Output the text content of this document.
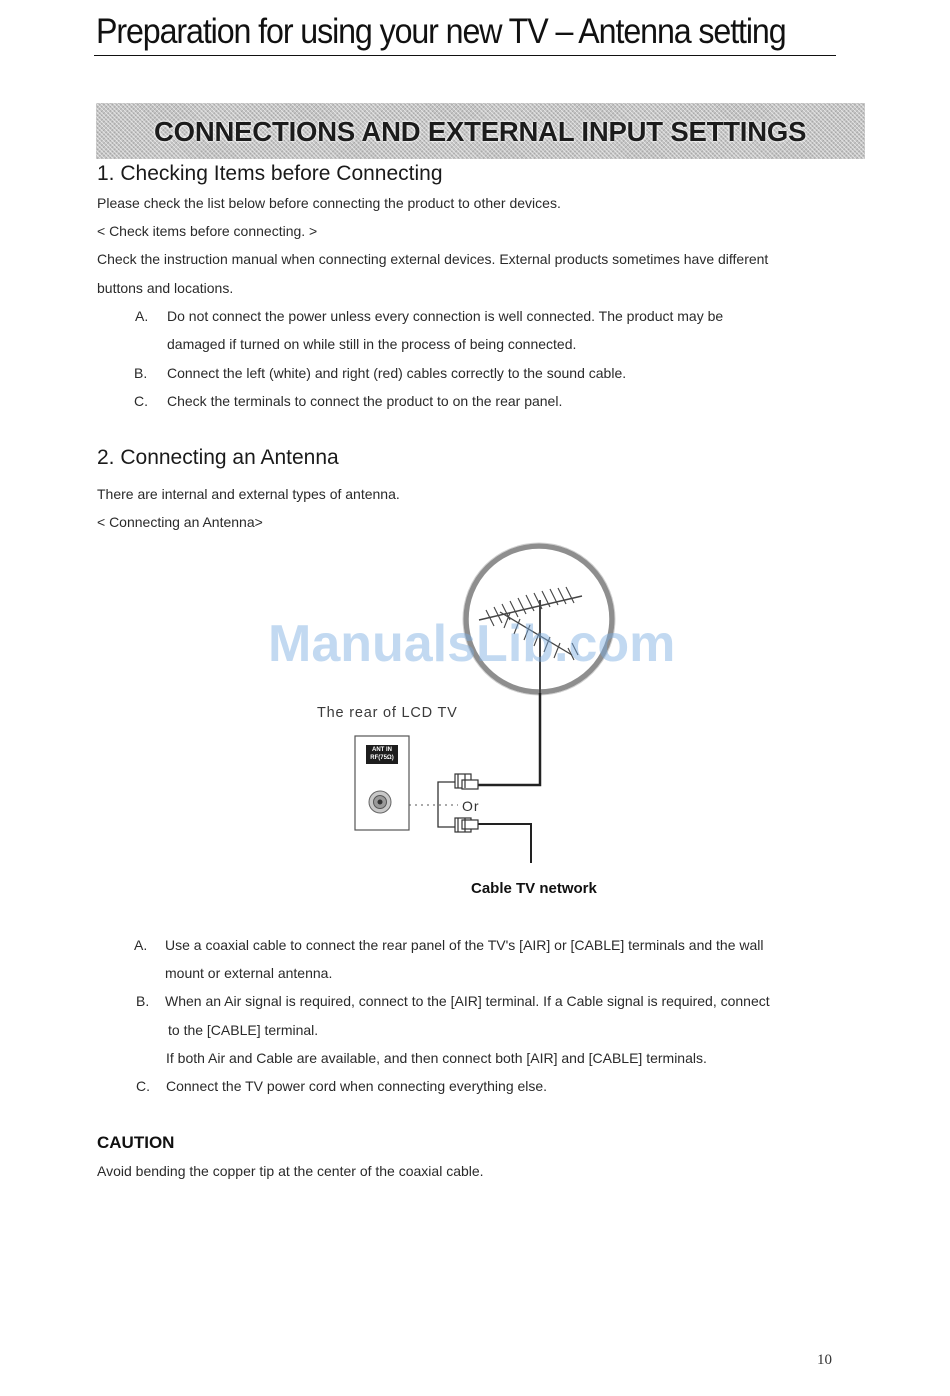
Preparation for using your new TV – Antenna setting
CONNECTIONS AND EXTERNAL INPUT SETTINGS
1. Checking Items before Connecting
Please check the list below before connecting the product to other devices.
< Check items before connecting. >
Check the instruction manual when connecting external devices. External products sometimes have different
buttons and locations.
A. Do not connect the power unless every connection is well connected. The product may be
damaged if turned on while still in the process of being connected.
B. Connect the left (white) and right (red) cables correctly to the sound cable.
C. Check the terminals to connect the product to on the rear panel.
2. Connecting an Antenna
There are internal and external types of antenna.
< Connecting an Antenna>
ANT IN
RF(75Ω)
The rear of LCD TV
Or
Cable TV network
ManualsLib.com
A. Use a coaxial cable to connect the rear panel of the TV's [AIR] or [CABLE] terminals and the wall
mount or external antenna.
B. When an Air signal is required, connect to the [AIR] terminal. If a Cable signal is required, connect
to the [CABLE] terminal.
If both Air and Cable are available, and then connect both [AIR] and [CABLE] terminals.
C. Connect the TV power cord when connecting everything else.
CAUTION
Avoid bending the copper tip at the center of the coaxial cable.
10
